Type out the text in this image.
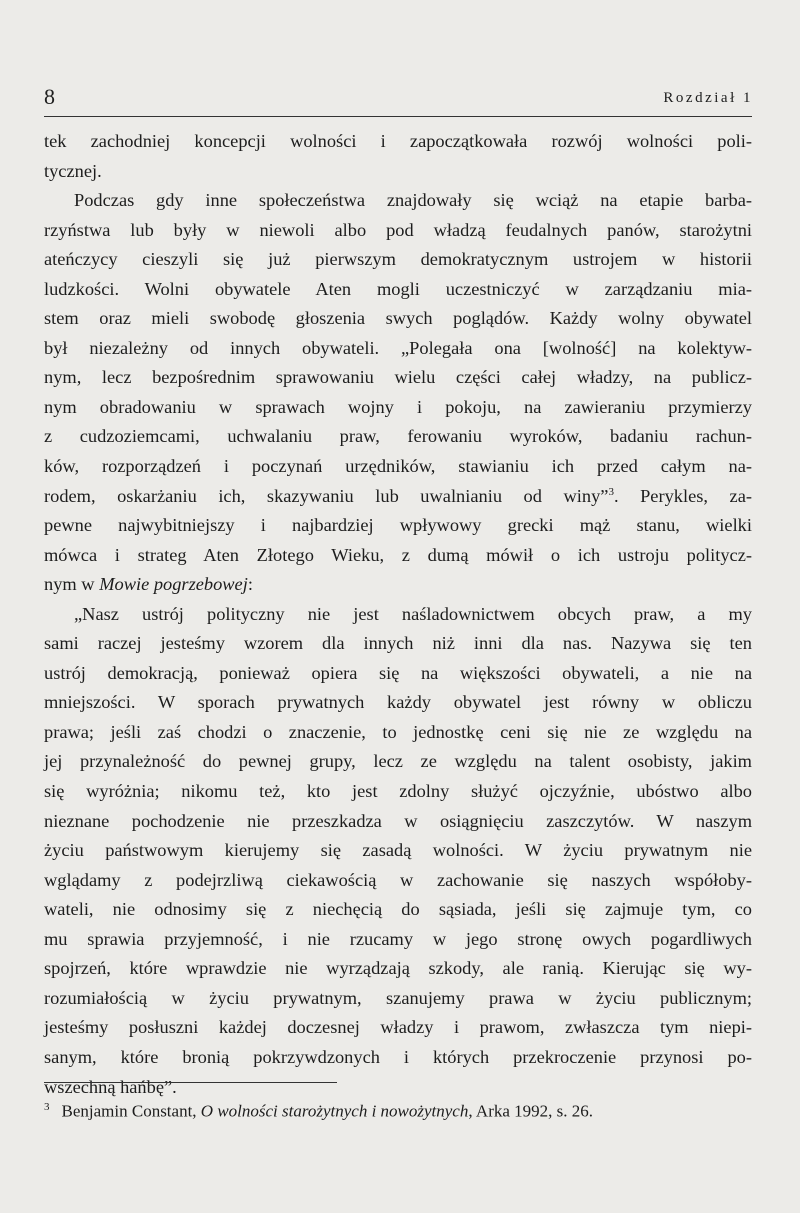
8	Rozdział 1
tek zachodniej koncepcji wolności i zapoczątkowała rozwój wolności poli-
tycznej.
Podczas gdy inne społeczeństwa znajdowały się wciąż na etapie barba-
rzyństwa lub były w niewoli albo pod władzą feudalnych panów, starożytni
ateńczycy cieszyli się już pierwszym demokratycznym ustrojem w historii
ludzkości. Wolni obywatele Aten mogli uczestniczyć w zarządzaniu mia-
stem oraz mieli swobodę głoszenia swych poglądów. Każdy wolny obywatel
był niezależny od innych obywateli. „Polegała ona [wolność] na kolektyw-
nym, lecz bezpośrednim sprawowaniu wielu części całej władzy, na publicz-
nym obradowaniu w sprawach wojny i pokoju, na zawieraniu przymierzy
z cudzoziemcami, uchwalaniu praw, ferowaniu wyroków, badaniu rachun-
ków, rozporządzeń i poczynań urzędników, stawianiu ich przed całym na-
rodem, oskarżaniu ich, skazywaniu lub uwalnianiu od winy”$^3$. Perykles, za-
pewne najwybitniejszy i najbardziej wpływowy grecki mąż stanu, wielki
mówca i strateg Aten Złotego Wieku, z dumą mówił o ich ustroju politycz-
nym w Mowie pogrzebowej:
„Nasz ustrój polityczny nie jest naśladownictwem obcych praw, a my
sami raczej jesteśmy wzorem dla innych niż inni dla nas. Nazywa się ten
ustrój demokracją, ponieważ opiera się na większości obywateli, a nie na
mniejszości. W sporach prywatnych każdy obywatel jest równy w obliczu
prawa; jeśli zaś chodzi o znaczenie, to jednostkę ceni się nie ze względu na
jej przynależność do pewnej grupy, lecz ze względu na talent osobisty, jakim
się wyróżnia; nikomu też, kto jest zdolny służyć ojczyźnie, ubóstwo albo
nieznane pochodzenie nie przeszkadza w osiągnięciu zaszczytów. W naszym
życiu państwowym kierujemy się zasadą wolności. W życiu prywatnym nie
wglądamy z podejrzliwą ciekawością w zachowanie się naszych współoby-
wateli, nie odnosimy się z niechęcią do sąsiada, jeśli się zajmuje tym, co
mu sprawia przyjemność, i nie rzucamy w jego stronę owych pogardliwych
spojrzeń, które wprawdzie nie wyrządzają szkody, ale ranią. Kierując się wy-
rozumiałością w życiu prywatnym, szanujemy prawa w życiu publicznym;
jesteśmy posłuszni każdej doczesnej władzy i prawom, zwłaszcza tym niepi-
sanym, które bronią pokrzywdzonych i których przekroczenie przynosi po-
wszechną hańbę”.
$^3$ Benjamin Constant, O wolności starożytnych i nowożytnych, Arka 1992, s. 26.
